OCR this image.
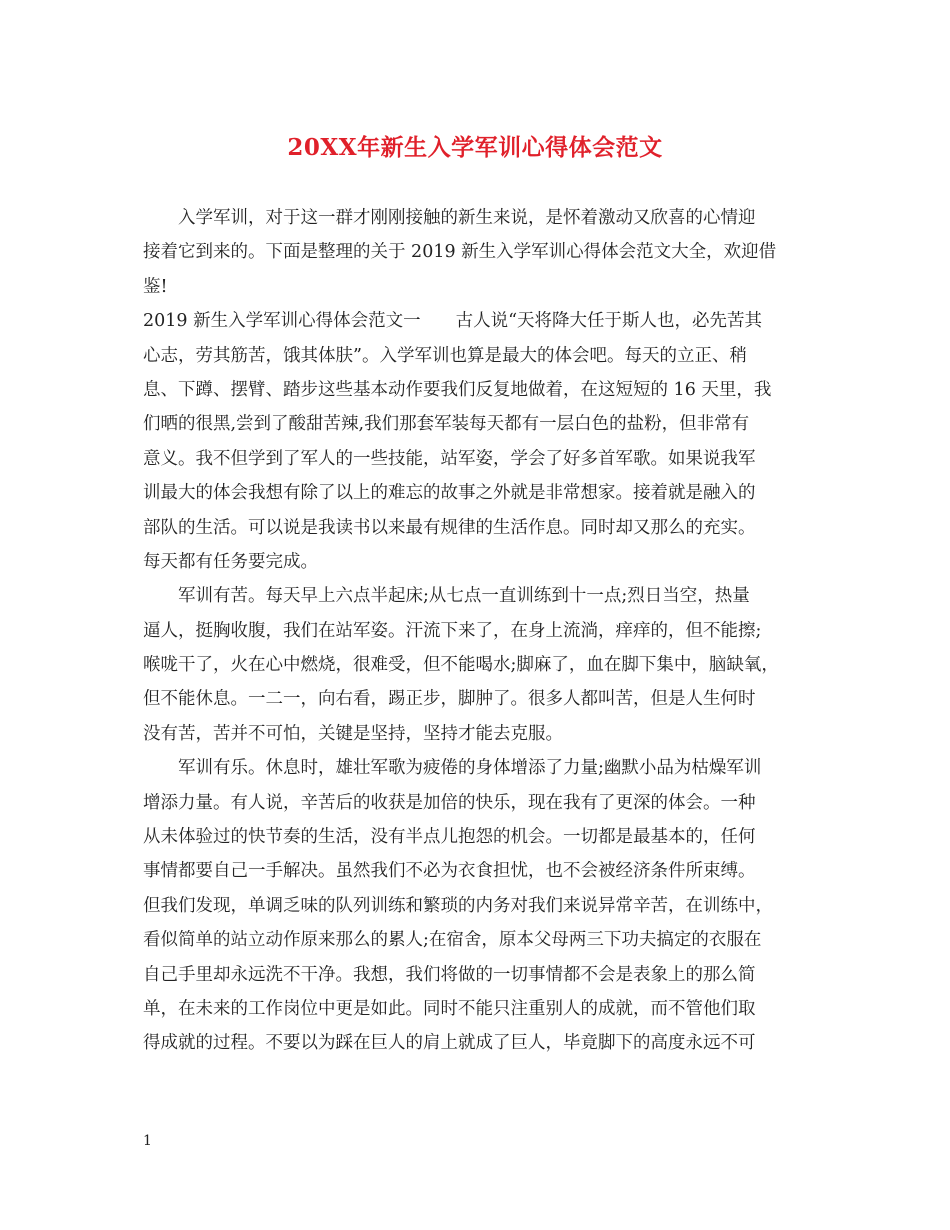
20XX年新生入学军训心得体会范文
入学军训，对于这一群才刚刚接触的新生来说，是怀着激动又欣喜的心情迎
接着它到来的。下面是整理的关于 2019 新生入学军训心得体会范文大全，欢迎借
鉴!
2019 新生入学军训心得体会范文一　　古人说“天将降大任于斯人也，必先苦其
心志，劳其筋苦，饿其体肤”。入学军训也算是最大的体会吧。每天的立正、稍
息、下蹲、摆臂、踏步这些基本动作要我们反复地做着，在这短短的 16 天里，我
们晒的很黑,尝到了酸甜苦辣,我们那套军装每天都有一层白色的盐粉，但非常有
意义。我不但学到了军人的一些技能，站军姿，学会了好多首军歌。如果说我军
训最大的体会我想有除了以上的难忘的故事之外就是非常想家。接着就是融入的
部队的生活。可以说是我读书以来最有规律的生活作息。同时却又那么的充实。
每天都有任务要完成。
军训有苦。每天早上六点半起床;从七点一直训练到十一点;烈日当空，热量
逼人，挺胸收腹，我们在站军姿。汗流下来了，在身上流淌，痒痒的，但不能擦;
喉咙干了，火在心中燃烧，很难受，但不能喝水;脚麻了，血在脚下集中，脑缺氧，
但不能休息。一二一，向右看，踢正步，脚肿了。很多人都叫苦，但是人生何时
没有苦，苦并不可怕，关键是坚持，坚持才能去克服。
军训有乐。休息时，雄壮军歌为疲倦的身体增添了力量;幽默小品为枯燥军训
增添力量。有人说，辛苦后的收获是加倍的快乐，现在我有了更深的体会。一种
从未体验过的快节奏的生活，没有半点儿抱怨的机会。一切都是最基本的，任何
事情都要自己一手解决。虽然我们不必为衣食担忧，也不会被经济条件所束缚。
但我们发现，单调乏味的队列训练和繁琐的内务对我们来说异常辛苦，在训练中，
看似简单的站立动作原来那么的累人;在宿舍，原本父母两三下功夫搞定的衣服在
自己手里却永远洗不干净。我想，我们将做的一切事情都不会是表象上的那么简
单，在未来的工作岗位中更是如此。同时不能只注重别人的成就，而不管他们取
得成就的过程。不要以为踩在巨人的肩上就成了巨人，毕竟脚下的高度永远不可
1
